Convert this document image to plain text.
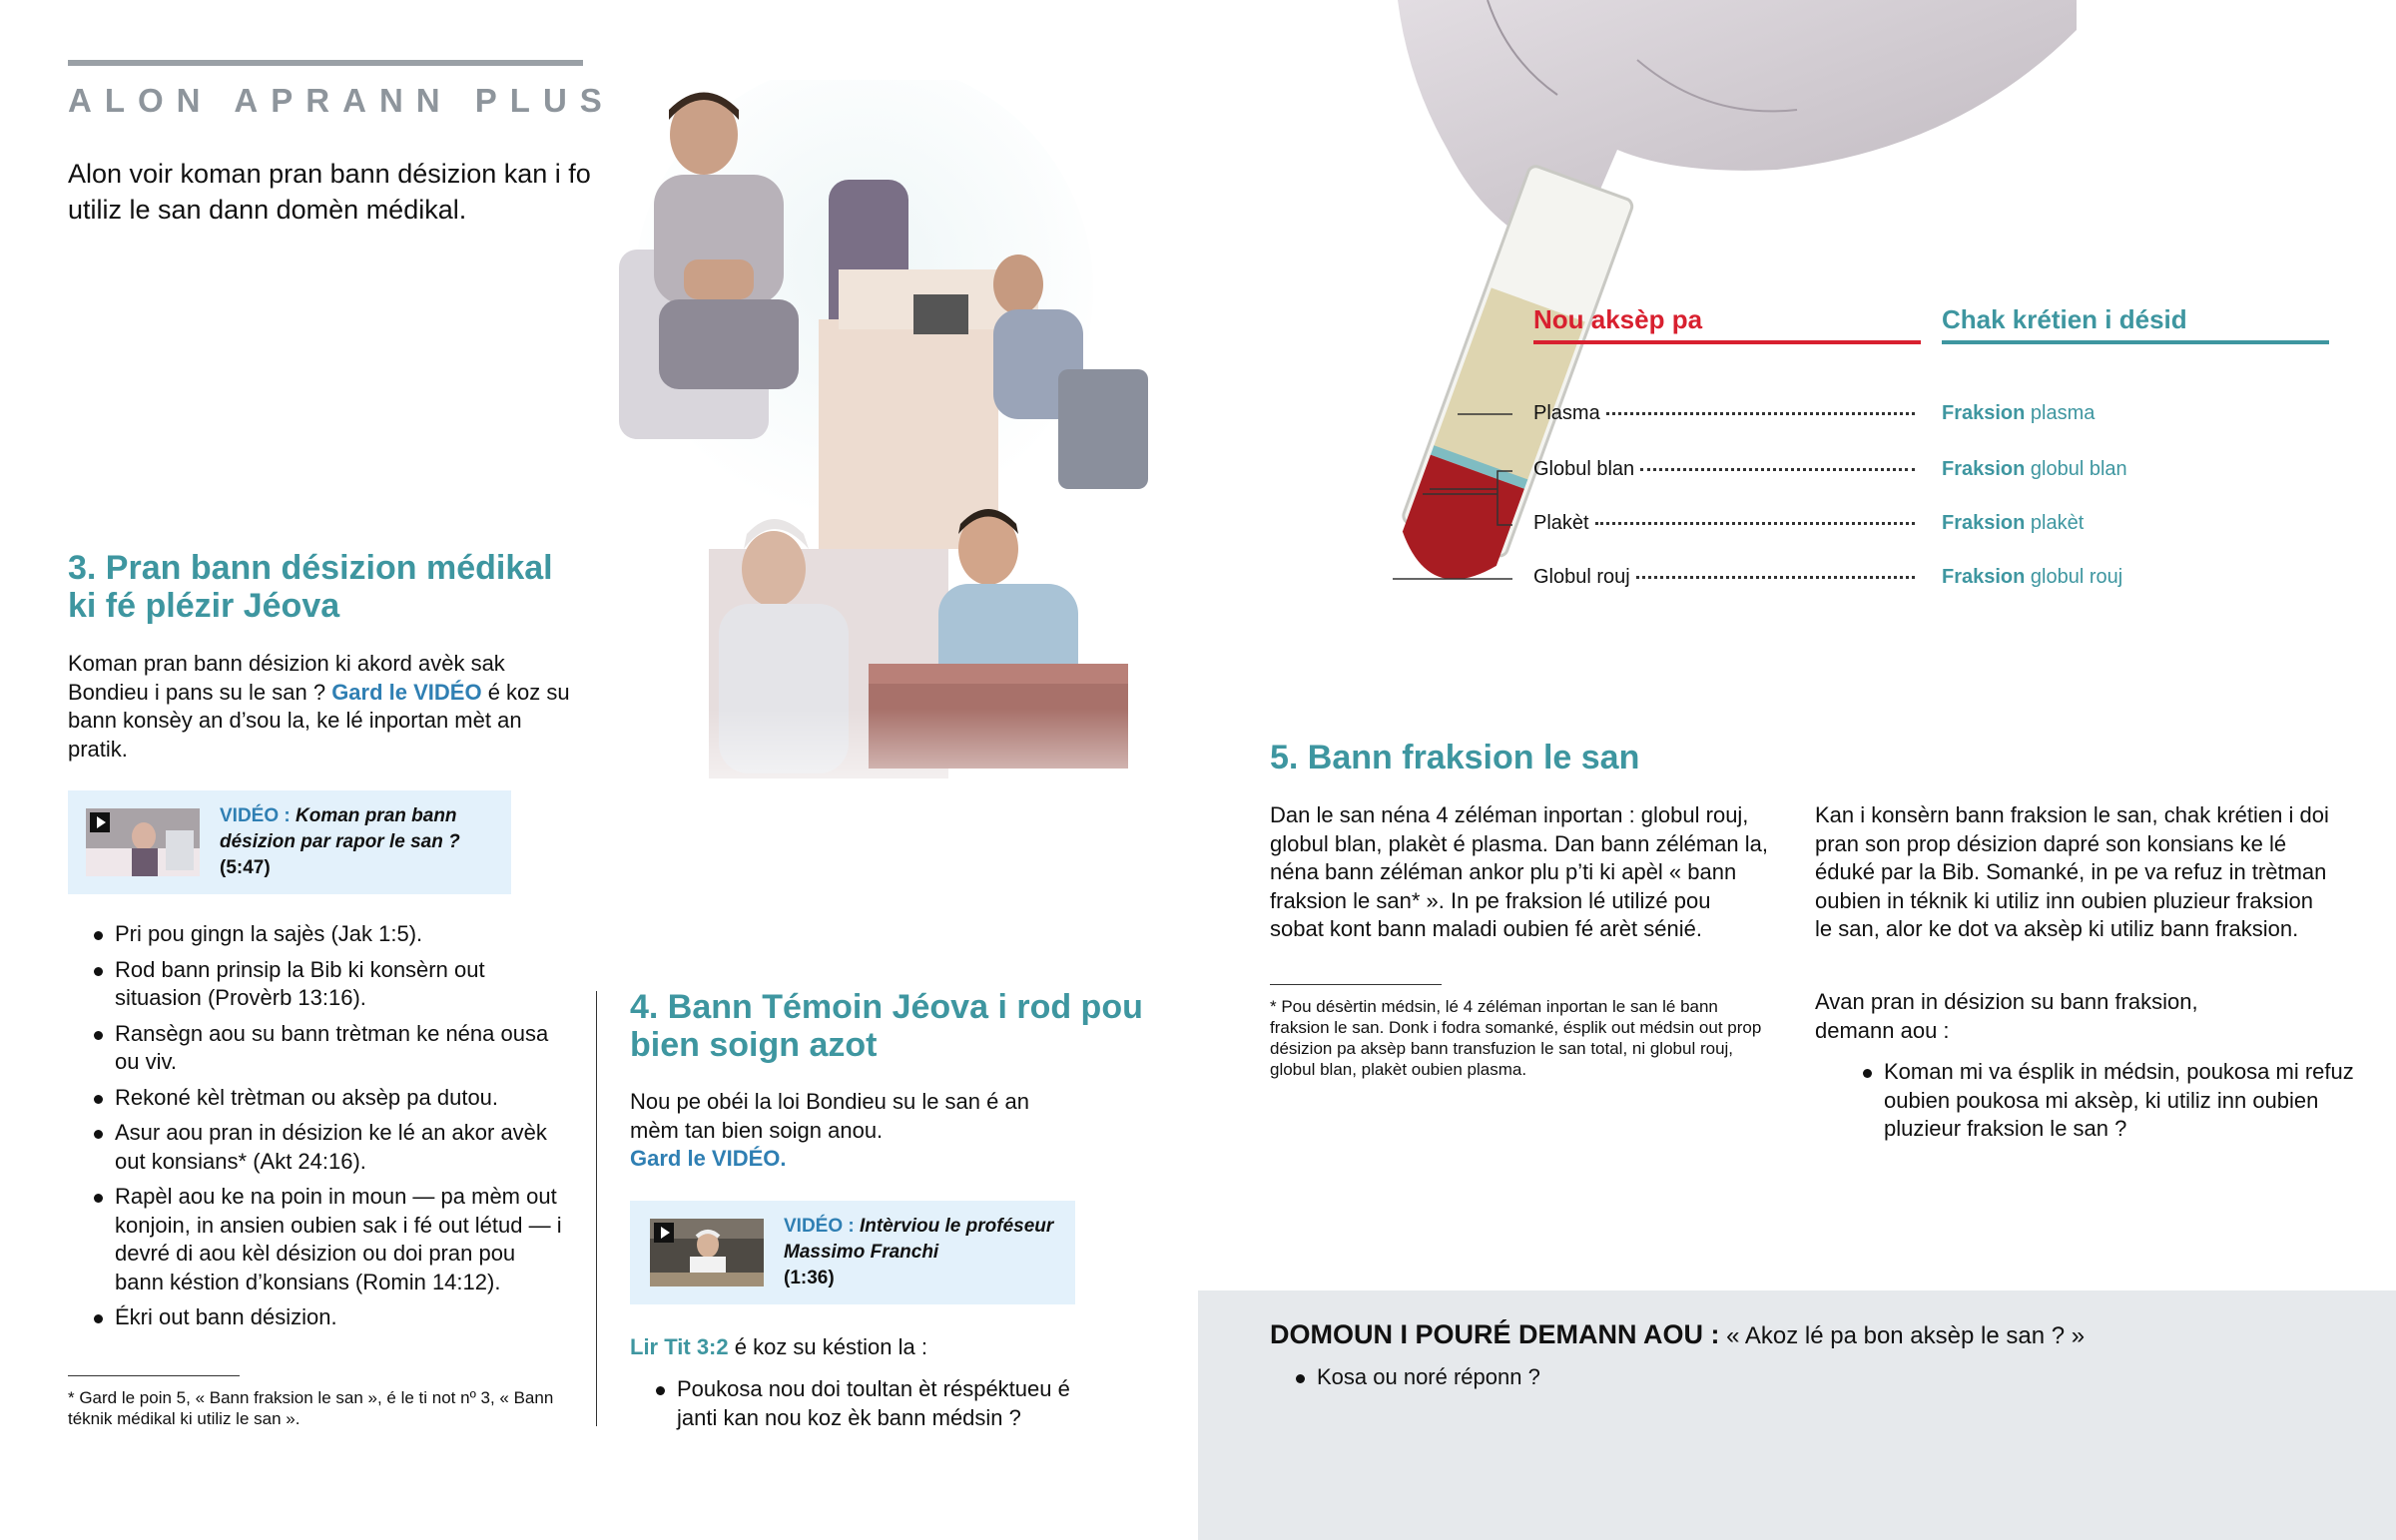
ALON APRANN PLUS
Alon voir koman pran bann désizion kan i fo utiliz le san dann domèn médikal.
3. Pran bann désizion médikal ki fé plézir Jéova
Koman pran bann désizion ki akord avèk sak Bondieu i pans su le san ? Gard le VIDÉO é koz su bann konsèy an d’sou la, ke lé inportan mèt an pratik.
VIDÉO : Koman pran bann désizion par rapor le san ?
(5:47)
Pri pou gingn la sajès (Jak 1:5).
Rod bann prinsip la Bib ki konsèrn out situasion (Provèrb 13:16).
Ransègn aou su bann trètman ke néna ousa ou viv.
Rekoné kèl trètman ou aksèp pa dutou.
Asur aou pran in désizion ke lé an akor avèk out konsians* (Akt 24:16).
Rapèl aou ke na poin in moun — pa mèm out konjoin, in ansien oubien sak i fé out létud — i devré di aou kèl désizion ou doi pran pou bann késtion d’konsians (Romin 14:12).
Ékri out bann désizion.
* Gard le poin 5, « Bann fraksion le san », é le ti not nº 3, « Bann téknik médikal ki utiliz le san ».
4. Bann Témoin Jéova i rod pou bien soign azot
Nou pe obéi la loi Bondieu su le san é an mèm tan bien soign anou.
Gard le VIDÉO.
VIDÉO : Intèrviou le proféseur Massimo Franchi
(1:36)
Lir Tit 3:2 é koz su késtion la :
Poukosa nou doi toultan èt réspéktueu é janti kan nou koz èk bann médsin ?
Nou aksèp pa	Chak krétien i désid
Plasma	Fraksion plasma
Globul blan	Fraksion globul blan
Plakèt	Fraksion plakèt
Globul rouj	Fraksion globul rouj
5. Bann fraksion le san
Dan le san néna 4 zéléman inportan : globul rouj, globul blan, plakèt é plasma. Dan bann zéléman la, néna bann zéléman ankor plu p’ti ki apèl « bann fraksion le san* ». In pe fraksion lé utilizé pou sobat kont bann maladi oubien fé arèt sénié.
* Pou désèrtin médsin, lé 4 zéléman inportan le san lé bann fraksion le san. Donk i fodra somanké, ésplik out médsin out prop désizion pa aksèp bann transfuzion le san total, ni globul rouj, globul blan, plakèt oubien plasma.
Kan i konsèrn bann fraksion le san, chak krétien i doi pran son prop désizion dapré son konsians ke lé éduké par la Bib. Somanké, in pe va refuz in trètman oubien in téknik ki utiliz inn oubien pluzieur fraksion le san, alor ke dot va aksèp ki utiliz bann fraksion.
Avan pran in désizion su bann fraksion, demann aou :
Koman mi va ésplik in médsin, poukosa mi refuz oubien poukosa mi aksèp, ki utiliz inn oubien pluzieur fraksion le san ?
DOMOUN I POURÉ DEMANN AOU : « Akoz lé pa bon aksèp le san ? »
Kosa ou noré réponn ?
